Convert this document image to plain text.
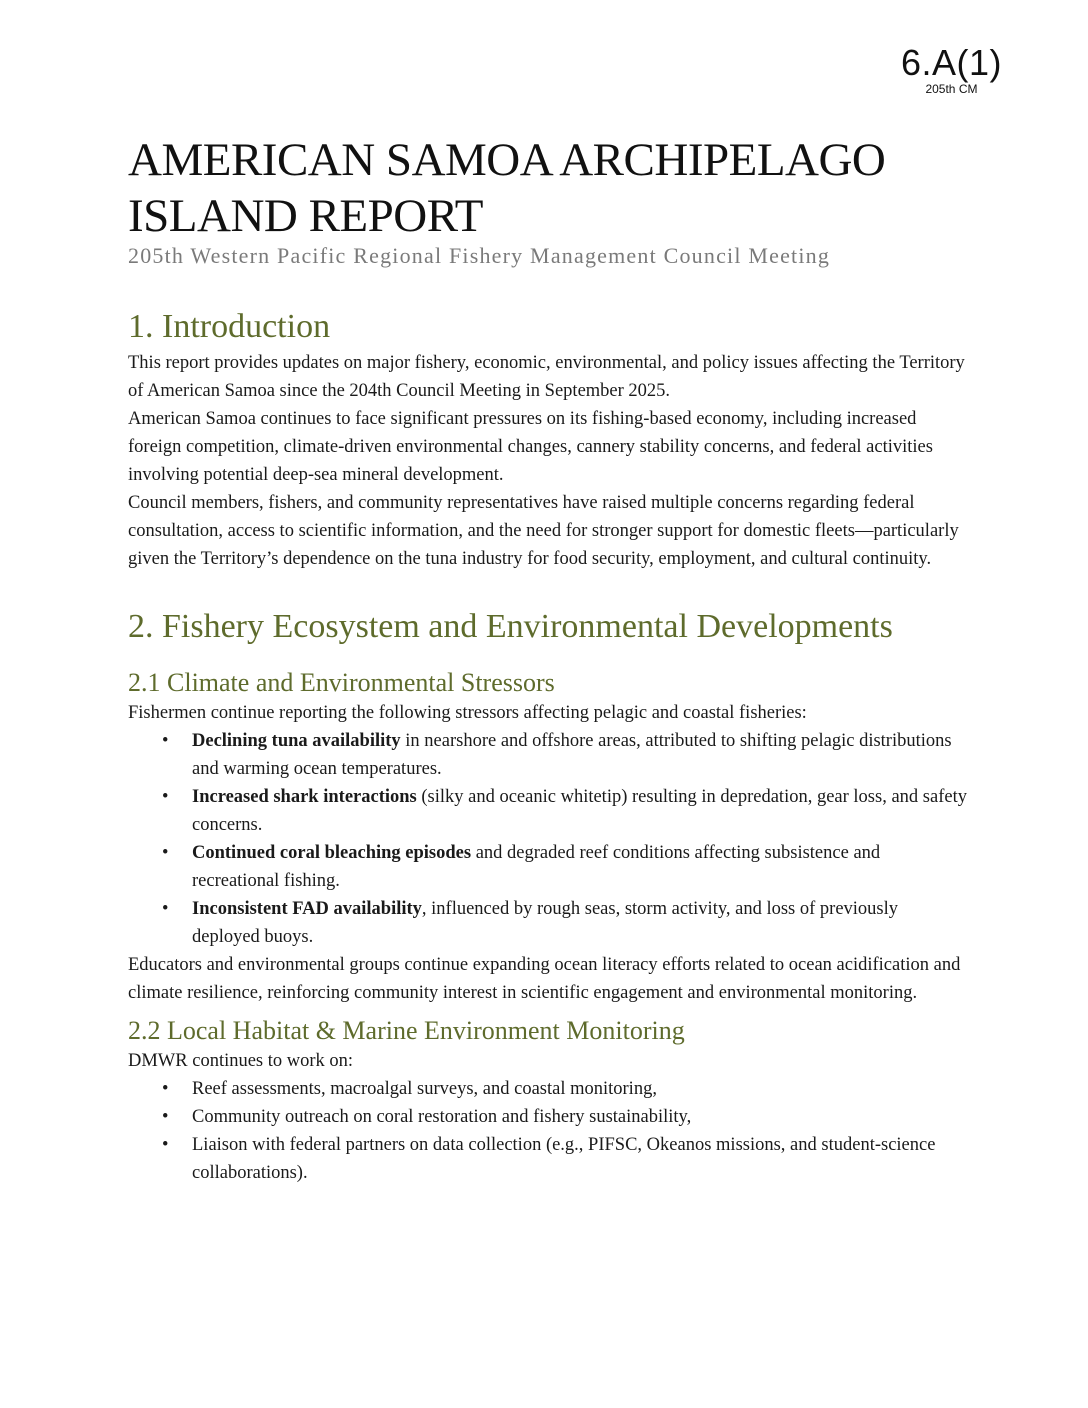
6.A(1)
205th CM
AMERICAN SAMOA ARCHIPELAGO ISLAND REPORT
205th Western Pacific Regional Fishery Management Council Meeting
1. Introduction

This report provides updates on major fishery, economic, environmental, and policy issues affecting the Territory of American Samoa since the 204th Council Meeting in September 2025.

American Samoa continues to face significant pressures on its fishing-based economy, including increased foreign competition, climate-driven environmental changes, cannery stability concerns, and federal activities involving potential deep-sea mineral development.

Council members, fishers, and community representatives have raised multiple concerns regarding federal consultation, access to scientific information, and the need for stronger support for domestic fleets—particularly given the Territory’s dependence on the tuna industry for food security, employment, and cultural continuity.

2. Fishery Ecosystem and Environmental Developments
2.1 Climate and Environmental Stressors

Fishermen continue reporting the following stressors affecting pelagic and coastal fisheries:

• Declining tuna availability in nearshore and offshore areas, attributed to shifting pelagic distributions and warming ocean temperatures.
• Increased shark interactions (silky and oceanic whitetip) resulting in depredation, gear loss, and safety concerns.
• Continued coral bleaching episodes and degraded reef conditions affecting subsistence and recreational fishing.
• Inconsistent FAD availability, influenced by rough seas, storm activity, and loss of previously deployed buoys.

Educators and environmental groups continue expanding ocean literacy efforts related to ocean acidification and climate resilience, reinforcing community interest in scientific engagement and environmental monitoring.

2.2 Local Habitat & Marine Environment Monitoring

DMWR continues to work on:

• Reef assessments, macroalgal surveys, and coastal monitoring,
• Community outreach on coral restoration and fishery sustainability,
• Liaison with federal partners on data collection (e.g., PIFSC, Okeanos missions, and student-science collaborations).
